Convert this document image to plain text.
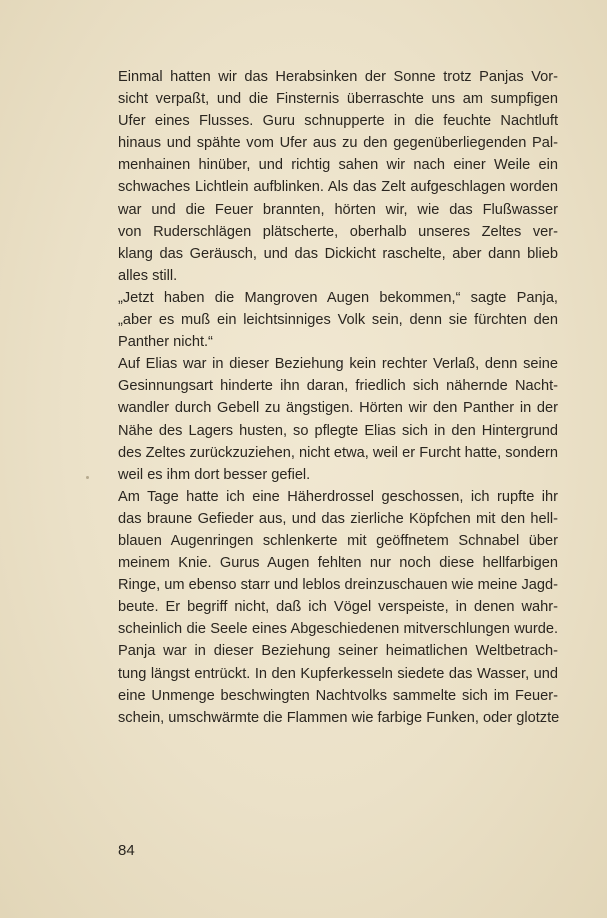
Einmal hatten wir das Herabsinken der Sonne trotz Panjas Vor-
sicht verpaßt, und die Finsternis überraschte uns am sumpfigen
Ufer eines Flusses. Guru schnupperte in die feuchte Nachtluft
hinaus und spähte vom Ufer aus zu den gegenüberliegenden Pal-
menhainen hinüber, und richtig sahen wir nach einer Weile ein
schwaches Lichtlein aufblinken. Als das Zelt aufgeschlagen worden
war und die Feuer brannten, hörten wir, wie das Flußwasser
von Ruderschlägen plätscherte, oberhalb unseres Zeltes ver-
klang das Geräusch, und das Dickicht raschelte, aber dann blieb
alles still.
„Jetzt haben die Mangroven Augen bekommen,“ sagte Panja,
„aber es muß ein leichtsinniges Volk sein, denn sie fürchten den
Panther nicht.“
Auf Elias war in dieser Beziehung kein rechter Verlaß, denn seine
Gesinnungsart hinderte ihn daran, friedlich sich nähernde Nacht-
wandler durch Gebell zu ängstigen. Hörten wir den Panther in der
Nähe des Lagers husten, so pflegte Elias sich in den Hintergrund
des Zeltes zurückzuziehen, nicht etwa, weil er Furcht hatte, sondern
weil es ihm dort besser gefiel.
Am Tage hatte ich eine Häherdrossel geschossen, ich rupfte ihr
das braune Gefieder aus, und das zierliche Köpfchen mit den hell-
blauen Augenringen schlenkerte mit geöffnetem Schnabel über
meinem Knie. Gurus Augen fehlten nur noch diese hellfarbigen
Ringe, um ebenso starr und leblos dreinzuschauen wie meine Jagd-
beute. Er begriff nicht, daß ich Vögel verspeiste, in denen wahr-
scheinlich die Seele eines Abgeschiedenen mitverschlungen wurde.
Panja war in dieser Beziehung seiner heimatlichen Weltbetrach-
tung längst entrückt. In den Kupferkesseln siedete das Wasser, und
eine Unmenge beschwingten Nachtvolks sammelte sich im Feuer-
schein, umschwärmte die Flammen wie farbige Funken, oder glotzte
84
